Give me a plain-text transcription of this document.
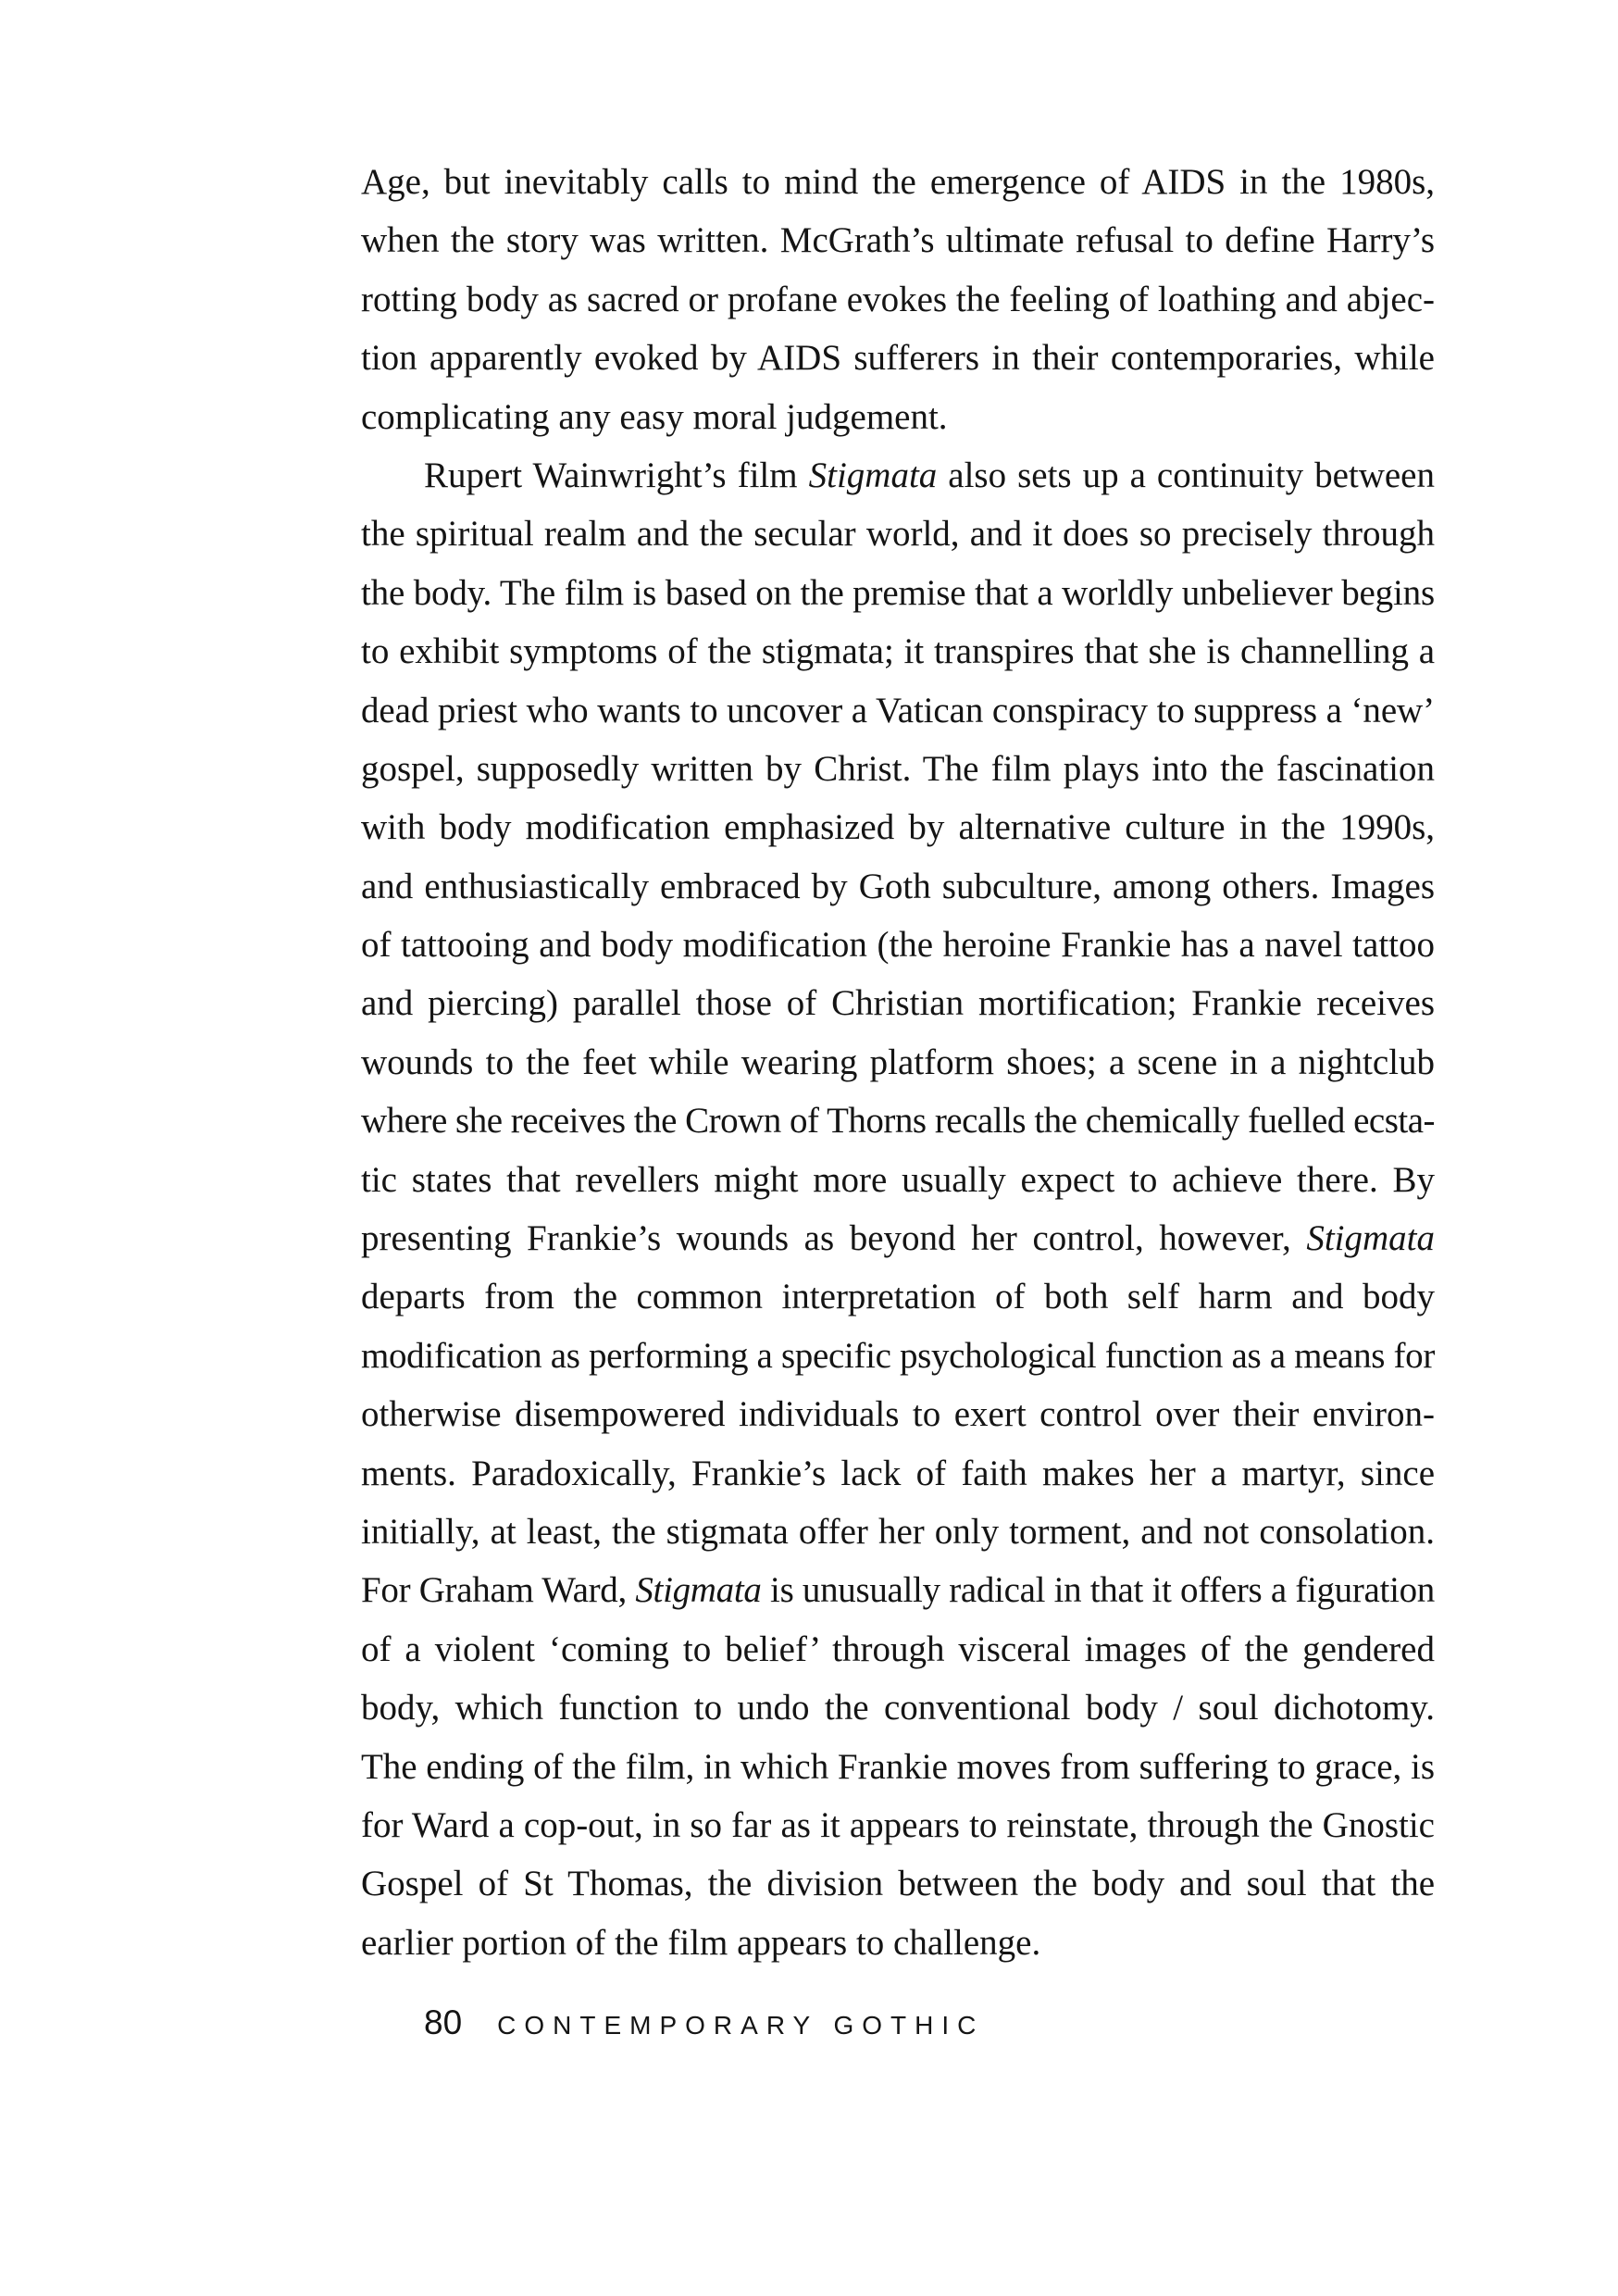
Age, but inevitably calls to mind the emergence of AIDS in the 1980s,
when the story was written. McGrath’s ultimate refusal to define Harry’s
rotting body as sacred or profane evokes the feeling of loathing and abjec-
tion apparently evoked by AIDS sufferers in their contemporaries, while
complicating any easy moral judgement.
Rupert Wainwright’s film Stigmata also sets up a continuity between
the spiritual realm and the secular world, and it does so precisely through
the body. The film is based on the premise that a worldly unbeliever begins
to exhibit symptoms of the stigmata; it transpires that she is channelling a
dead priest who wants to uncover a Vatican conspiracy to suppress a ‘new’
gospel, supposedly written by Christ. The film plays into the fascination
with body modification emphasized by alternative culture in the 1990s,
and enthusiastically embraced by Goth subculture, among others. Images
of tattooing and body modification (the heroine Frankie has a navel tattoo
and piercing) parallel those of Christian mortification; Frankie receives
wounds to the feet while wearing platform shoes; a scene in a nightclub
where she receives the Crown of Thorns recalls the chemically fuelled ecsta-
tic states that revellers might more usually expect to achieve there. By
presenting Frankie’s wounds as beyond her control, however, Stigmata
departs from the common interpretation of both self harm and body
modification as performing a specific psychological function as a means for
otherwise disempowered individuals to exert control over their environ-
ments. Paradoxically, Frankie’s lack of faith makes her a martyr, since
initially, at least, the stigmata offer her only torment, and not consolation.
For Graham Ward, Stigmata is unusually radical in that it offers a figuration
of a violent ‘coming to belief’ through visceral images of the gendered
body, which function to undo the conventional body / soul dichotomy.
The ending of the film, in which Frankie moves from suffering to grace, is
for Ward a cop-out, in so far as it appears to reinstate, through the Gnostic
Gospel of St Thomas, the division between the body and soul that the
earlier portion of the film appears to challenge.
80 CONTEMPORARY GOTHIC
